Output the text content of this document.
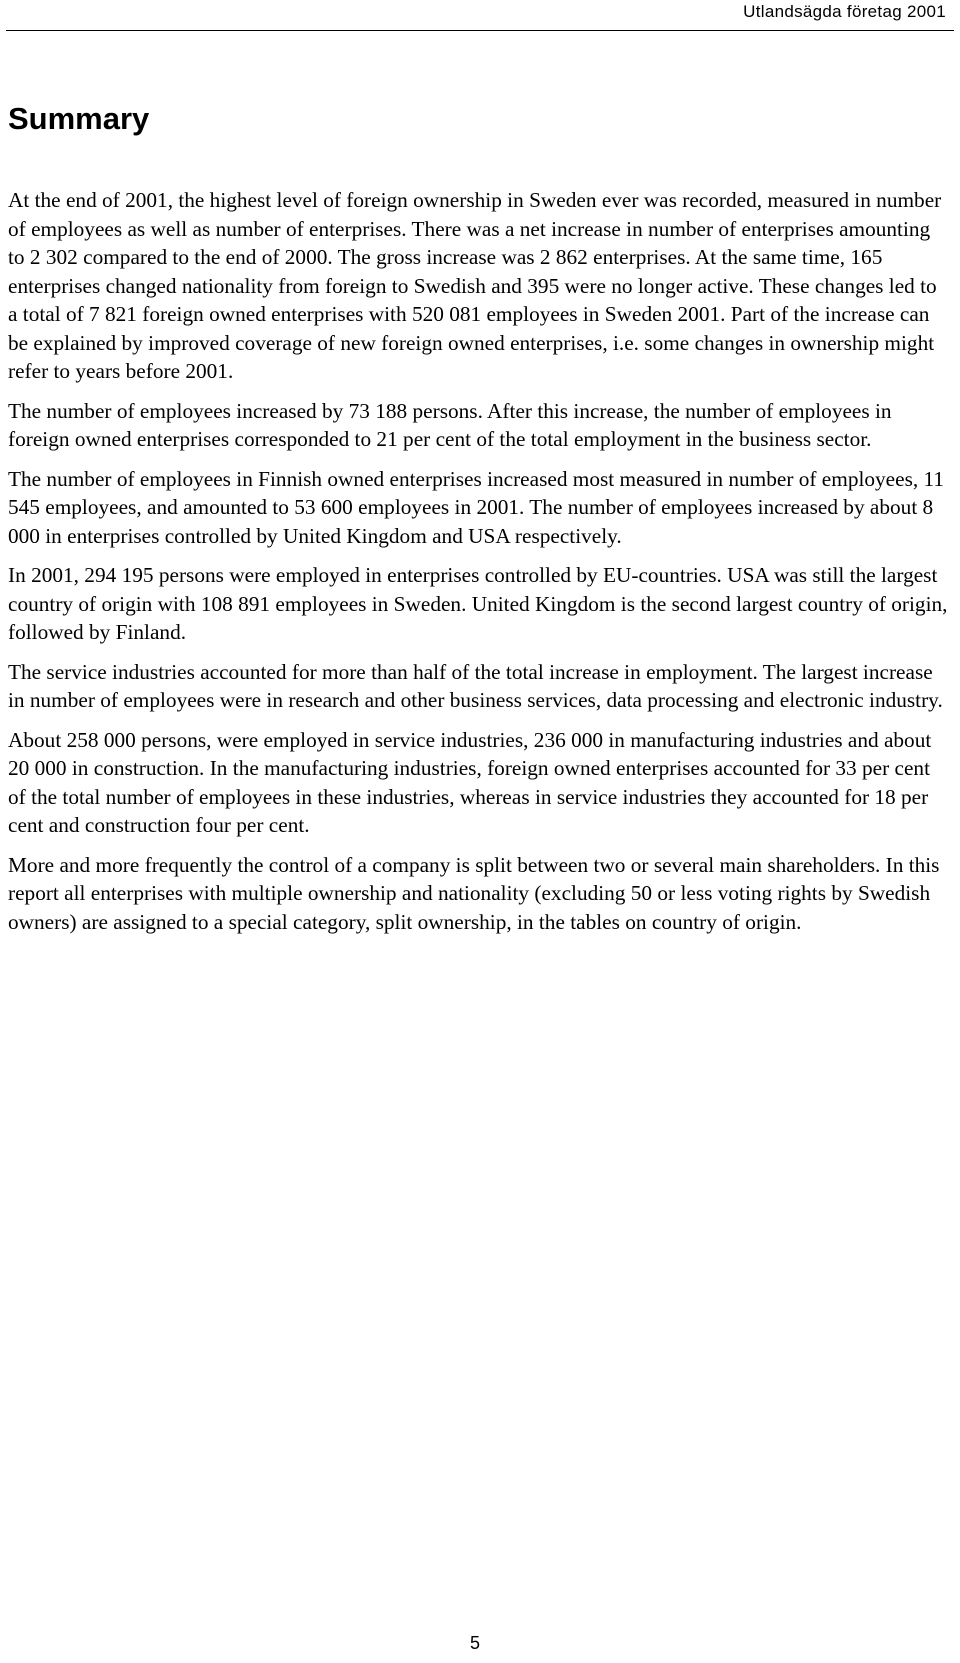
Utlandsägda företag 2001
Summary

At the end of 2001, the highest level of foreign ownership in Sweden ever was recorded, measured in number of employees as well as number of enterprises. There was a net increase in number of enterprises amounting to 2 302 compared to the end of 2000. The gross increase was 2 862 enterprises. At the same time, 165 enterprises changed nationality from foreign to Swedish and 395 were no longer active. These changes led to a total of 7 821 foreign owned enterprises with 520 081 employees in Sweden 2001. Part of the increase can be explained by improved coverage of new foreign owned enterprises, i.e. some changes in ownership might refer to years before 2001.

The number of employees increased by 73 188 persons. After this increase, the number of employees in foreign owned enterprises corresponded to 21 per cent of the total employment in the business sector.

The number of employees in Finnish owned enterprises increased most measured in number of employees, 11 545 employees, and amounted to 53 600 employees in 2001. The number of employees increased by about 8 000 in enterprises controlled by United Kingdom and USA respectively.

In 2001, 294 195 persons were employed in enterprises controlled by EU-countries. USA was still the largest country of origin with 108 891 employees in Sweden. United Kingdom is the second largest country of origin, followed by Finland.

The service industries accounted for more than half of the total increase in employment. The largest increase in number of employees were in research and other business services, data processing and electronic industry.

About 258 000 persons, were employed in service industries, 236 000 in manufacturing industries and about 20 000 in construction. In the manufacturing industries, foreign owned enterprises accounted for 33 per cent of the total number of employees in these industries, whereas in service industries they accounted for 18 per cent and construction four per cent.

More and more frequently the control of a company is split between two or several main shareholders. In this report all enterprises with multiple ownership and nationality (excluding 50 or less voting rights by Swedish owners) are assigned to a special category, split ownership, in the tables on country of origin.

5
